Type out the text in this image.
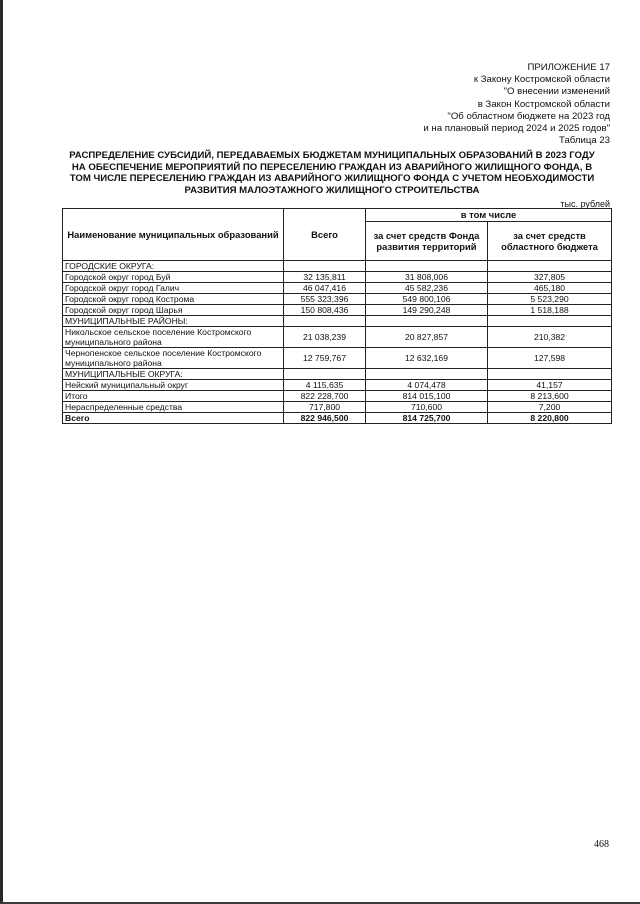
ПРИЛОЖЕНИЕ 17
к Закону Костромской области
"О внесении изменений
в Закон Костромской области
"Об областном бюджете на 2023 год
и на плановый период 2024 и 2025 годов"
Таблица 23
РАСПРЕДЕЛЕНИЕ СУБСИДИЙ, ПЕРЕДАВАЕМЫХ БЮДЖЕТАМ МУНИЦИПАЛЬНЫХ ОБРАЗОВАНИЙ В 2023 ГОДУ
НА ОБЕСПЕЧЕНИЕ МЕРОПРИЯТИЙ ПО ПЕРЕСЕЛЕНИЮ ГРАЖДАН ИЗ АВАРИЙНОГО ЖИЛИЩНОГО ФОНДА, В
ТОМ ЧИСЛЕ ПЕРЕСЕЛЕНИЮ ГРАЖДАН ИЗ АВАРИЙНОГО ЖИЛИЩНОГО ФОНДА С УЧЕТОМ НЕОБХОДИМОСТИ
РАЗВИТИЯ МАЛОЭТАЖНОГО ЖИЛИЩНОГО СТРОИТЕЛЬСТВА
тыс. рублей
Наименование муниципальных образований	Всего	в том числе	
		за счет средств Фонда развития территорий	за счет средств областного бюджета
ГОРОДСКИЕ ОКРУГА:			
Городской округ город Буй	32 135,811	31 808,006	327,805
Городской округ город Галич	46 047,416	45 582,236	465,180
Городской округ город Кострома	555 323,396	549 800,106	5 523,290
Городской округ город Шарья	150 808,436	149 290,248	1 518,188
МУНИЦИПАЛЬНЫЕ РАЙОНЫ:			
Никольское сельское поселение Костромского муниципального района	21 038,239	20 827,857	210,382
Чернопенское сельское поселение Костромского муниципального района	12 759,767	12 632,169	127,598
МУНИЦИПАЛЬНЫЕ ОКРУГА:			
Нейский муниципальный округ	4 115,635	4 074,478	41,157
Итого	822 228,700	814 015,100	8 213,600
Нераспределенные средства	717,800	710,600	7,200
Всего	822 946,500	814 725,700	8 220,800
468
